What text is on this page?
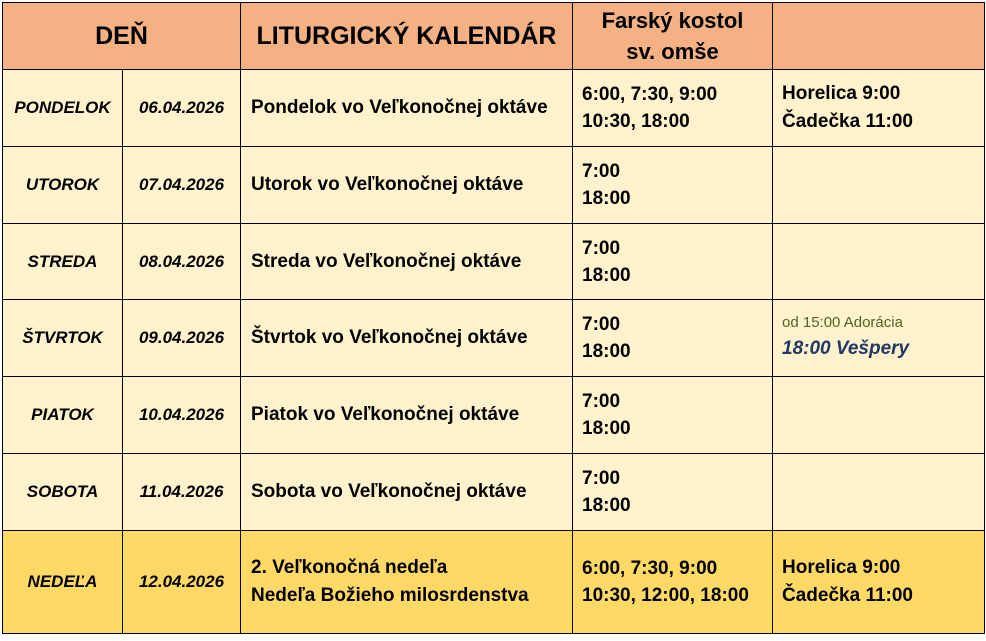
DEŇ		LITURGICKÝ KALENDÁR	Farský kostol
sv. omše	

PONDELOK	06.04.2026	Pondelok vo Veľkonočnej oktáve	6:00, 7:30, 9:00
10:30, 18:00	Horelica 9:00
Čadečka 11:00

UTOROK	07.04.2026	Utorok vo Veľkonočnej oktáve	7:00
18:00	

STREDA	08.04.2026	Streda vo Veľkonočnej oktáve	7:00
18:00	

ŠTVRTOK	09.04.2026	Štvrtok vo Veľkonočnej oktáve	7:00
18:00	od 15:00 Adorácia
18:00 Vešpery

PIATOK	10.04.2026	Piatok vo Veľkonočnej oktáve	7:00
18:00	

SOBOTA	11.04.2026	Sobota vo Veľkonočnej oktáve	7:00
18:00	

NEDEĽA	12.04.2026	2. Veľkonočná nedeľa
Nedeľa Božieho milosrdenstva	6:00, 7:30, 9:00
10:30, 12:00, 18:00	Horelica 9:00
Čadečka 11:00
